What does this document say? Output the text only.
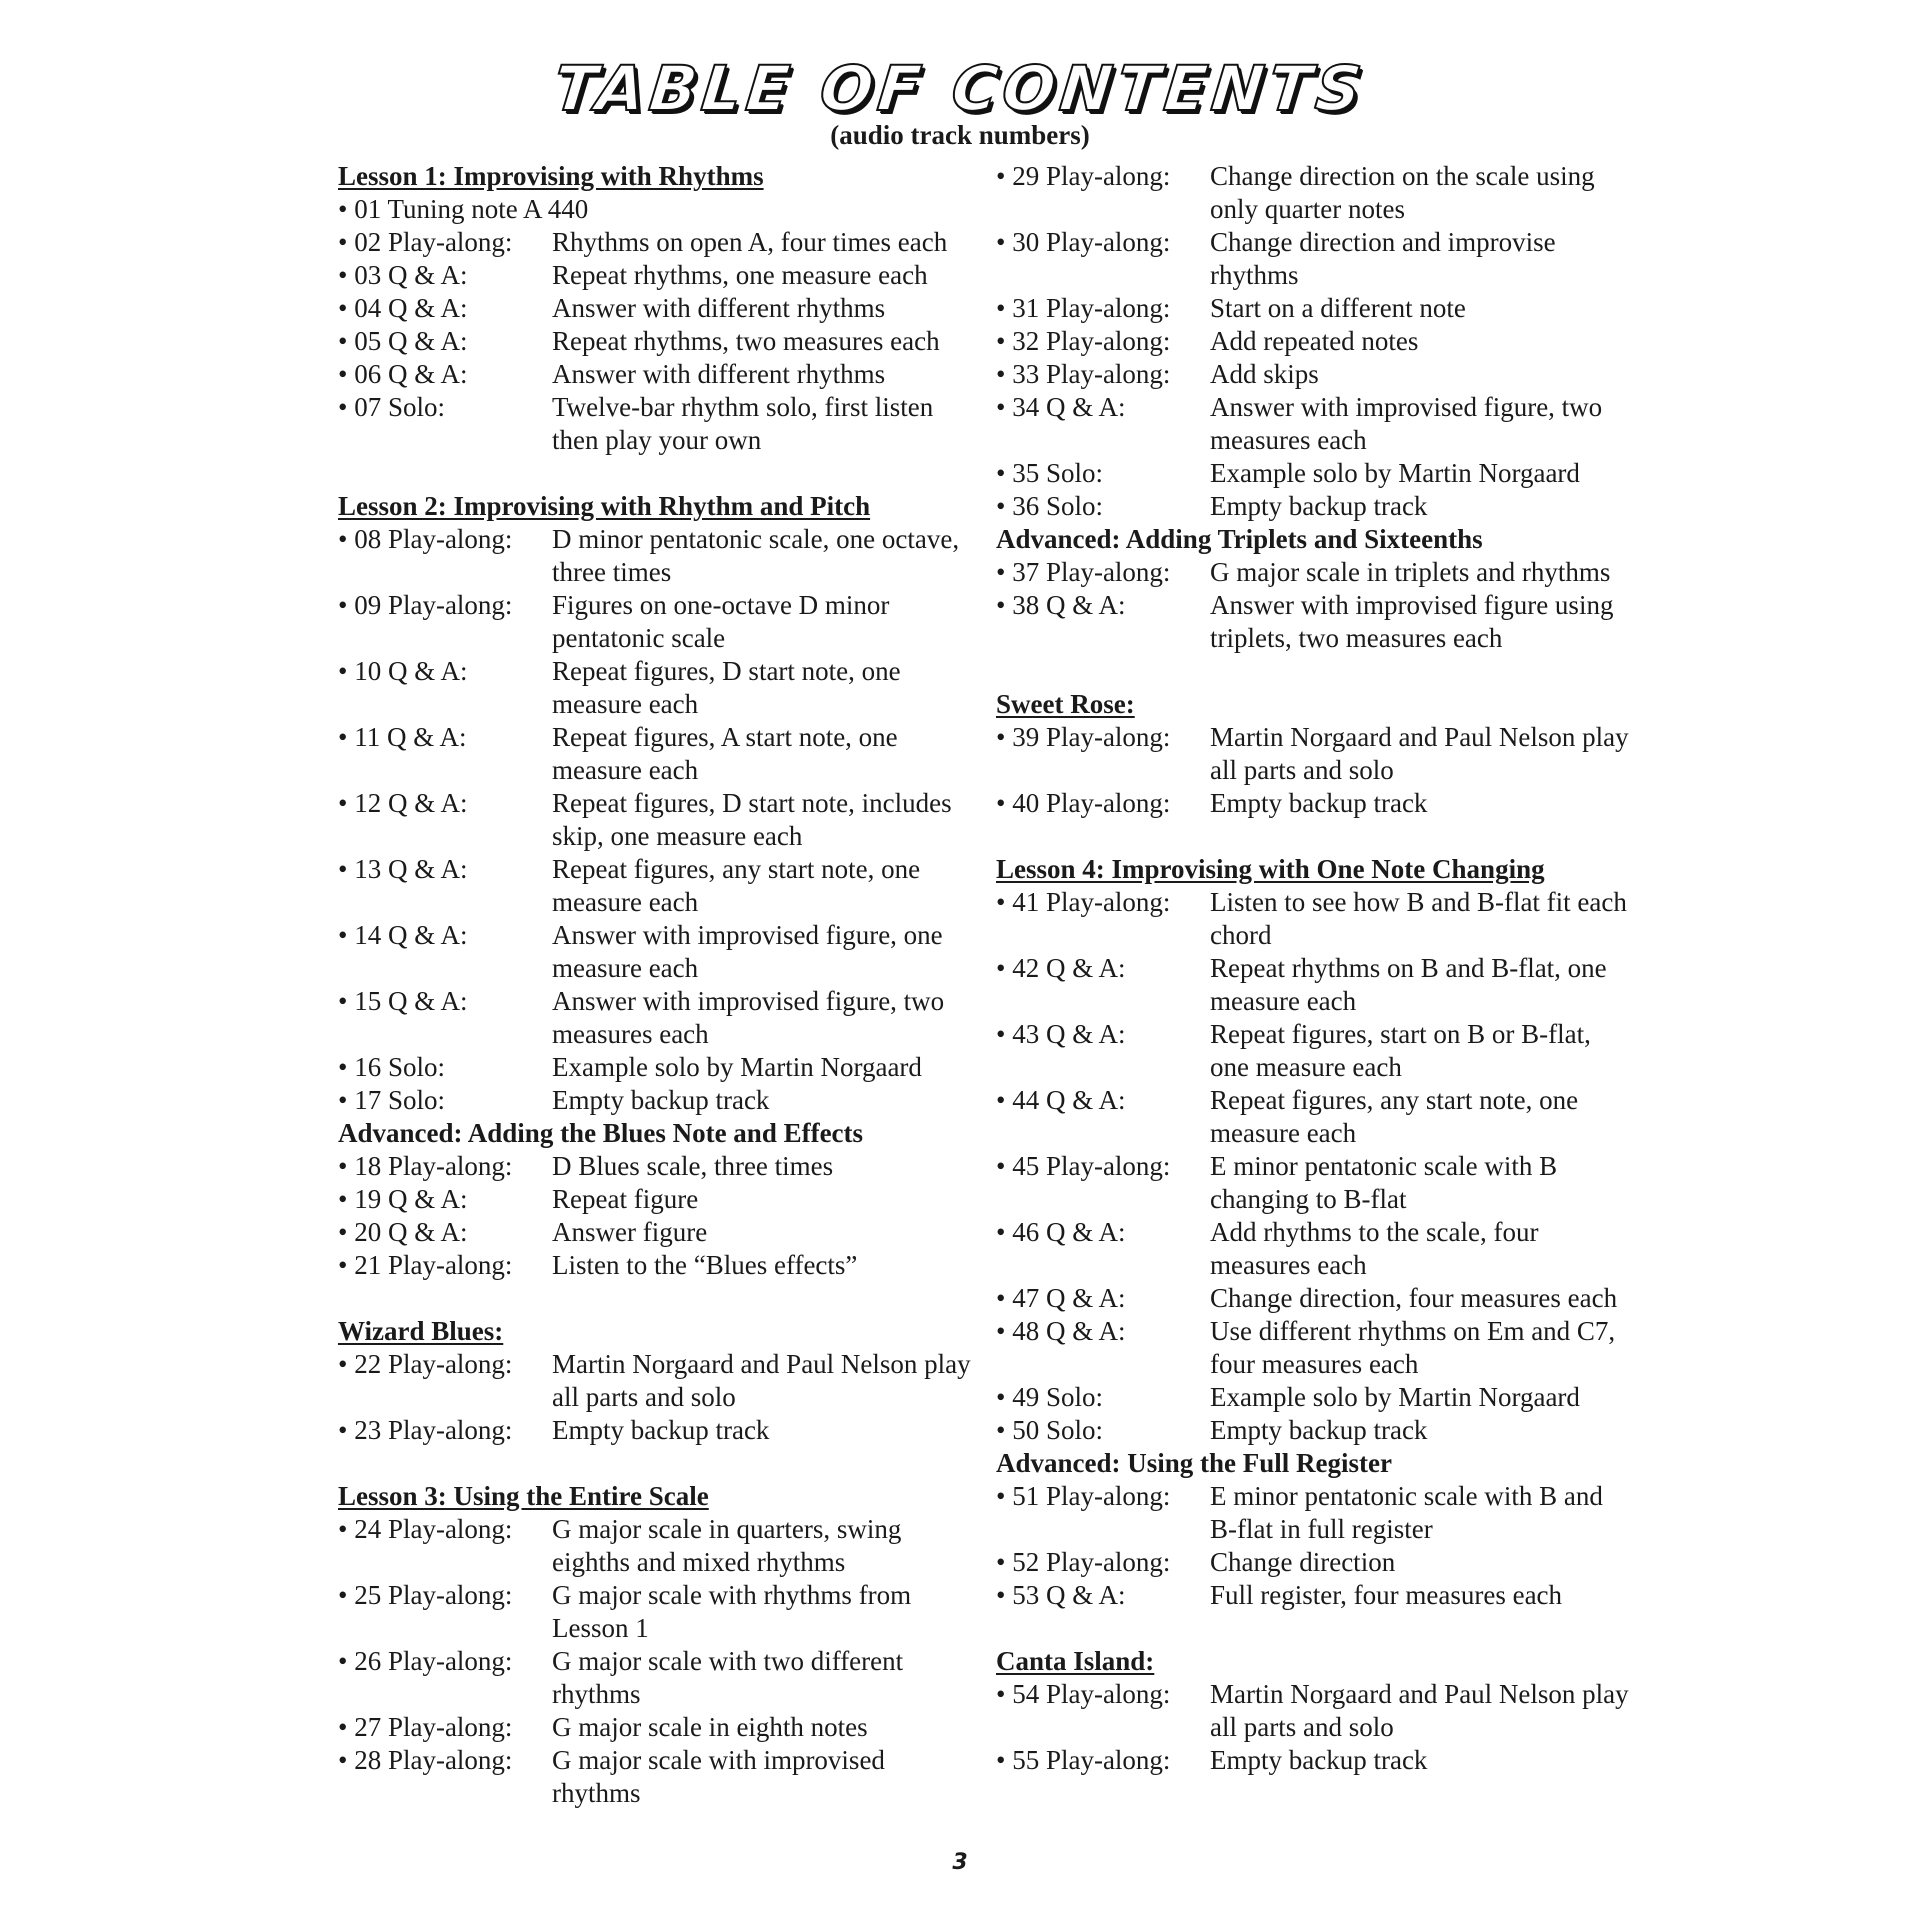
TABLE OF CONTENTS
(audio track numbers)
Lesson 1: Improvising with Rhythms
• 01 Tuning note A 440
• 02 Play-along:	Rhythms on open A, four times each
• 03 Q & A:	Repeat rhythms, one measure each
• 04 Q & A:	Answer with different rhythms
• 05 Q & A:	Repeat rhythms, two measures each
• 06 Q & A:	Answer with different rhythms
• 07 Solo:	Twelve-bar rhythm solo, first listen then play your own
Lesson 2: Improvising with Rhythm and Pitch
• 08 Play-along:	D minor pentatonic scale, one octave, three times
• 09 Play-along:	Figures on one-octave D minor pentatonic scale
• 10 Q & A:	Repeat figures, D start note, one measure each
• 11 Q & A:	Repeat figures, A start note, one measure each
• 12 Q & A:	Repeat figures, D start note, includes skip, one measure each
• 13 Q & A:	Repeat figures, any start note, one measure each
• 14 Q & A:	Answer with improvised figure, one measure each
• 15 Q & A:	Answer with improvised figure, two measures each
• 16 Solo:	Example solo by Martin Norgaard
• 17 Solo:	Empty backup track
Advanced: Adding the Blues Note and Effects
• 18 Play-along:	D Blues scale, three times
• 19 Q & A:	Repeat figure
• 20 Q & A:	Answer figure
• 21 Play-along:	Listen to the “Blues effects”
Wizard Blues:
• 22 Play-along:	Martin Norgaard and Paul Nelson play all parts and solo
• 23 Play-along:	Empty backup track
Lesson 3: Using the Entire Scale
• 24 Play-along:	G major scale in quarters, swing eighths and mixed rhythms
• 25 Play-along:	G major scale with rhythms from Lesson 1
• 26 Play-along:	G major scale with two different rhythms
• 27 Play-along:	G major scale in eighth notes
• 28 Play-along:	G major scale with improvised rhythms
• 29 Play-along:	Change direction on the scale using only quarter notes
• 30 Play-along:	Change direction and improvise rhythms
• 31 Play-along:	Start on a different note
• 32 Play-along:	Add repeated notes
• 33 Play-along:	Add skips
• 34 Q & A:	Answer with improvised figure, two measures each
• 35 Solo:	Example solo by Martin Norgaard
• 36 Solo:	Empty backup track
Advanced: Adding Triplets and Sixteenths
• 37 Play-along:	G major scale in triplets and rhythms
• 38 Q & A:	Answer with improvised figure using triplets, two measures each
Sweet Rose:
• 39 Play-along:	Martin Norgaard and Paul Nelson play all parts and solo
• 40 Play-along:	Empty backup track
Lesson 4: Improvising with One Note Changing
• 41 Play-along:	Listen to see how B and B-flat fit each chord
• 42 Q & A:	Repeat rhythms on B and B-flat, one measure each
• 43 Q & A:	Repeat figures, start on B or B-flat, one measure each
• 44 Q & A:	Repeat figures, any start note, one measure each
• 45 Play-along:	E minor pentatonic scale with B changing to B-flat
• 46 Q & A:	Add rhythms to the scale, four measures each
• 47 Q & A:	Change direction, four measures each
• 48 Q & A:	Use different rhythms on Em and C7, four measures each
• 49 Solo:	Example solo by Martin Norgaard
• 50 Solo:	Empty backup track
Advanced: Using the Full Register
• 51 Play-along:	E minor pentatonic scale with B and B-flat in full register
• 52 Play-along:	Change direction
• 53 Q & A:	Full register, four measures each
Canta Island:
• 54 Play-along:	Martin Norgaard and Paul Nelson play all parts and solo
• 55 Play-along:	Empty backup track
3
